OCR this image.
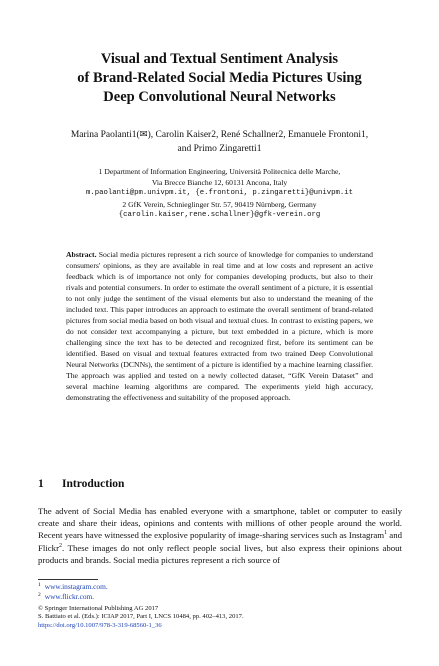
Visual and Textual Sentiment Analysis
of Brand-Related Social Media Pictures Using
Deep Convolutional Neural Networks
Marina Paolanti1(✉), Carolin Kaiser2, René Schallner2, Emanuele Frontoni1,
and Primo Zingaretti1
1 Department of Information Engineering, Università Politecnica delle Marche,
Via Brecce Bianche 12, 60131 Ancona, Italy
m.paolanti@pm.univpm.it, {e.frontoni, p.zingaretti}@univpm.it
2 GfK Verein, Schnieglinger Str. 57, 90419 Nürnberg, Germany
{carolin.kaiser,rene.schallner}@gfk-verein.org
Abstract. Social media pictures represent a rich source of knowledge for companies to understand consumers' opinions, as they are available in real time and at low costs and represent an active feedback which is of importance not only for companies developing products, but also to their rivals and potential consumers. In order to estimate the overall sentiment of a picture, it is essential to not only judge the sentiment of the visual elements but also to understand the meaning of the included text. This paper introduces an approach to estimate the overall sentiment of brand-related pictures from social media based on both visual and textual clues. In contrast to existing papers, we do not consider text accompanying a picture, but text embedded in a picture, which is more challenging since the text has to be detected and recognized first, before its sentiment can be identified. Based on visual and textual features extracted from two trained Deep Convolutional Neural Networks (DCNNs), the sentiment of a picture is identified by a machine learning classifier. The approach was applied and tested on a newly collected dataset, “GfK Verein Dataset” and several machine learning algorithms are compared. The experiments yield high accuracy, demonstrating the effectiveness and suitability of the proposed approach.
1 Introduction
The advent of Social Media has enabled everyone with a smartphone, tablet or computer to easily create and share their ideas, opinions and contents with millions of other people around the world. Recent years have witnessed the explosive popularity of image-sharing services such as Instagram$^1$ and Flickr$^2$. These images do not only reflect people social lives, but also express their opinions about products and brands. Social media pictures represent a rich source of
$^1$ www.instagram.com.
$^2$ www.flickr.com.
© Springer International Publishing AG 2017
S. Battiato et al. (Eds.): ICIAP 2017, Part I, LNCS 10484, pp. 402–413, 2017.
https://doi.org/10.1007/978-3-319-68560-1_36
